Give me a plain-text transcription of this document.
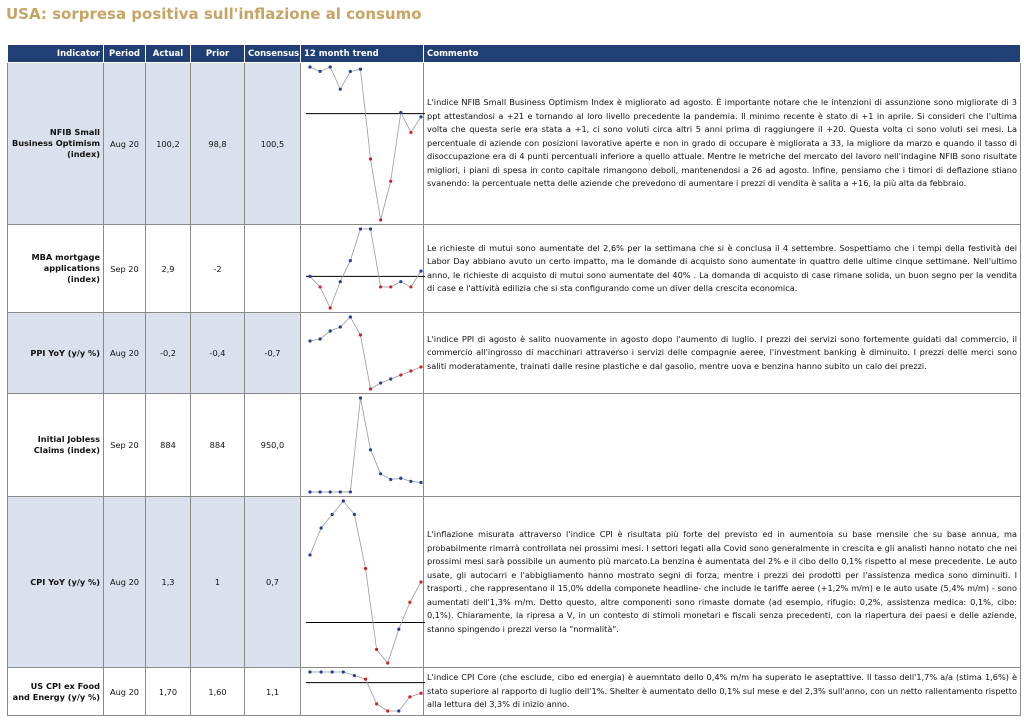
USA: sorpresa positiva sull'inflazione al consumo
Indicator	Period	Actual	Prior	Consensus	12 month trend	Commento
NFIB Small Business Optimism (index)	Aug 20	100,2	98,8	100,5		L'indice NFIB Small Business Optimism Index è migliorato ad agosto. È importante notare che le intenzioni di assunzione sono migliorate di 3 ppt attestandosi a +21 e tornando al loro livello precedente la pandemia. Il minimo recente è stato di +1 in aprile. Si consideri che l'ultima volta che questa serie era stata a +1, ci sono voluti circa altri 5 anni prima di raggiungere il +20. Questa volta ci sono voluti sei mesi. La percentuale di aziende con posizioni lavorative aperte e non in grado di occupare è migliorata a 33, la migliore da marzo e quando il tasso di disoccupazione era di 4 punti percentuali inferiore a quello attuale. Mentre le metriche del mercato del lavoro nell'indagine NFIB sono risultate migliori, i piani di spesa in conto capitale rimangono deboli, mantenendosi a 26 ad agosto. Infine, pensiamo che i timori di deflazione stiano svanendo: la percentuale netta delle aziende che prevedono di aumentare i prezzi di vendita è salita a +16, la più alta da febbraio.
MBA mortgage applications (index)	Sep 20	2,9	-2			Le richieste di mutui sono aumentate del 2,6% per la settimana che si è conclusa il 4 settembre. Sospettiamo che i tempi della festività del Labor Day abbiano avuto un certo impatto, ma le domande di acquisto sono aumentate in quattro delle ultime cinque settimane. Nell'ultimo anno, le richieste di acquisto di mutui sono aumentate del 40% . La domanda di acquisto di case rimane solida, un buon segno per la vendita di case e l'attività edilizia che si sta configurando come un diver della crescita economica.
PPI YoY (y/y %)	Aug 20	-0,2	-0,4	-0,7		L'indice PPI di agosto è salito nuovamente in agosto dopo l'aumento di luglio. I prezzi dei servizi sono fortemente guidati dal commercio, il commercio all'ingrosso di macchinari attraverso i servizi delle compagnie aeree, l'investment banking è diminuito. I prezzi delle merci sono saliti moderatamente, trainati dalle resine plastiche e dal gasolio, mentre uova e benzina hanno subito un calo dei prezzi.
Initial Jobless Claims (index)	Sep 20	884	884	950,0	

CPI YoY (y/y %)	Aug 20	1,3	1	0,7		L'inflazione misurata attraverso l'indice CPI è risultata più forte del previsto ed in aumentoia su base mensile che su base annua, ma probabilmente rimarrà controllata nei prossimi mesi. I settori legati alla Covid sono generalmente in crescita e gli analisti hanno notato che nei prossimi mesi sarà possibile un aumento più marcato.La benzina è aumentata del 2% e il cibo dello 0,1% rispetto al mese precedente. Le auto usate, gli autocarri e l'abbigliamento hanno mostrato segni di forza, mentre i prezzi dei prodotti per l'assistenza medica sono diminuiti. I trasporti , che rappresentano il 15,0% ddella componete headline- che include le tariffe aeree (+1,2% m/m) e le auto usate (5,4% m/m) - sono aumentati dell'1,3% m/m. Detto questo, altre componenti sono rimaste domate (ad esempio, rifugio: 0,2%, assistenza medica: 0,1%, cibo: 0,1%). Chiaramente, la ripresa a V, in un contesto di stimoli monetari e fiscali senza precedenti, con la riapertura dei paesi e delle aziende, stanno spingendo i prezzi verso la "normalità".
US CPI ex Food and Energy (y/y %)	Aug 20	1,70	1,60	1,1		L'indice CPI Core (che esclude, cibo ed energia) è auemntato dello 0,4% m/m ha superato le aseptattive. Il tasso dell'1,7% a/a (stima 1,6%) è stato superiore al rapporto di luglio dell'1%. Shelter è aumentato dello 0,1% sul mese e del 2,3% sull'anno, con un netto rallentamento rispetto alla lettura del 3,3% di inizio anno.
